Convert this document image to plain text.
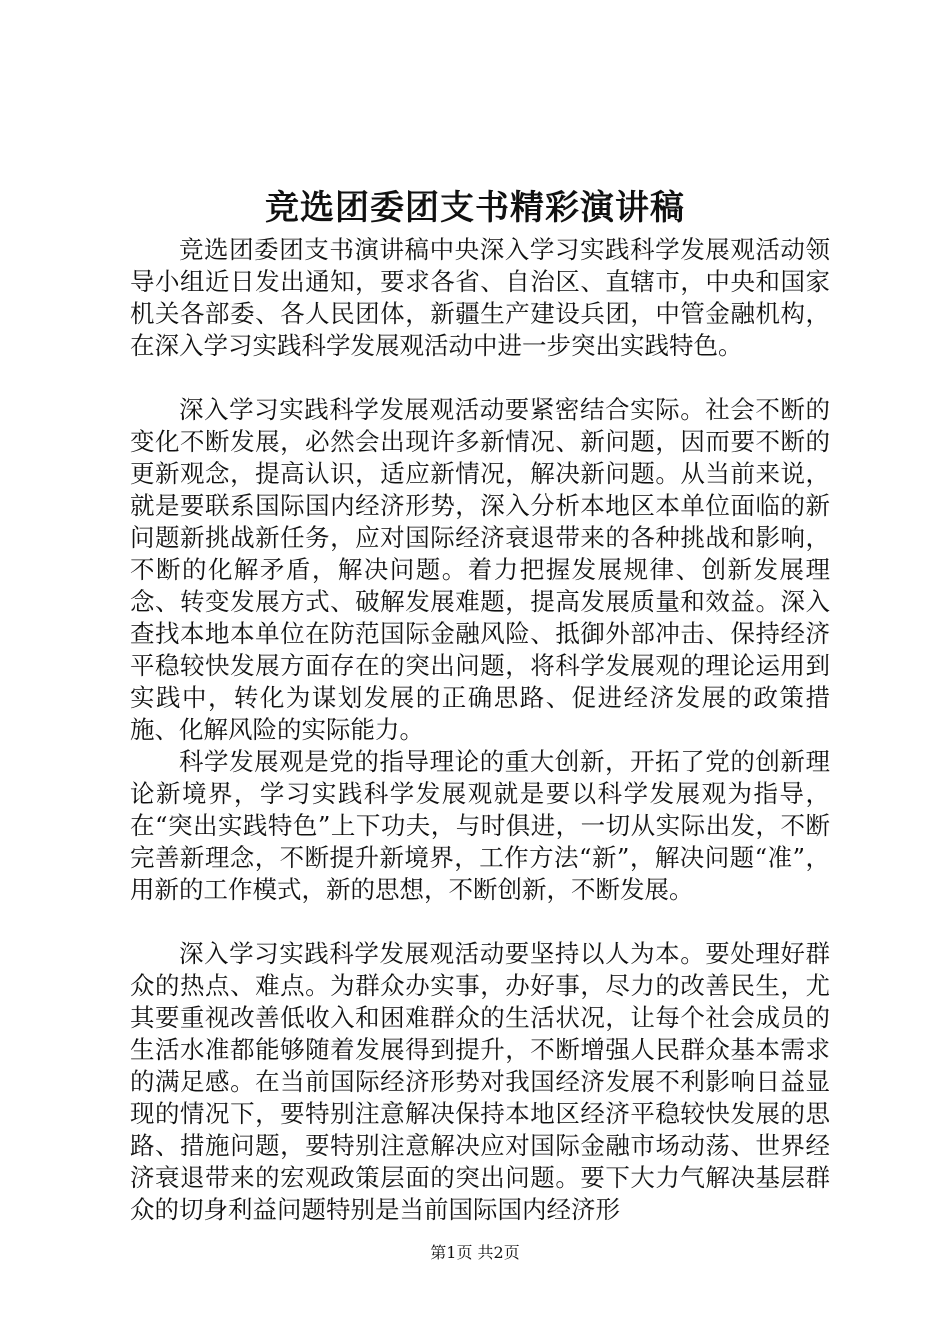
竞选团委团支书精彩演讲稿

竞选团委团支书演讲稿中央深入学习实践科学发展观活动领导小组近日发出通知，要求各省、自治区、直辖市，中央和国家机关各部委、各人民团体，新疆生产建设兵团，中管金融机构，在深入学习实践科学发展观活动中进一步突出实践特色。

深入学习实践科学发展观活动要紧密结合实际。社会不断的变化不断发展，必然会出现许多新情况、新问题，因而要不断的更新观念，提高认识，适应新情况，解决新问题。从当前来说，就是要联系国际国内经济形势，深入分析本地区本单位面临的新问题新挑战新任务，应对国际经济衰退带来的各种挑战和影响，不断的化解矛盾，解决问题。着力把握发展规律、创新发展理念、转变发展方式、破解发展难题，提高发展质量和效益。深入查找本地本单位在防范国际金融风险、抵御外部冲击、保持经济平稳较快发展方面存在的突出问题，将科学发展观的理论运用到实践中，转化为谋划发展的正确思路、促进经济发展的政策措施、化解风险的实际能力。

科学发展观是党的指导理论的重大创新，开拓了党的创新理论新境界，学习实践科学发展观就是要以科学发展观为指导，在“突出实践特色”上下功夫，与时俱进，一切从实际出发，不断完善新理念，不断提升新境界，工作方法“新”，解决问题“准”，用新的工作模式，新的思想，不断创新，不断发展。

深入学习实践科学发展观活动要坚持以人为本。要处理好群众的热点、难点。为群众办实事，办好事，尽力的改善民生，尤其要重视改善低收入和困难群众的生活状况，让每个社会成员的生活水准都能够随着发展得到提升，不断增强人民群众基本需求的满足感。在当前国际经济形势对我国经济发展不利影响日益显现的情况下，要特别注意解决保持本地区经济平稳较快发展的思路、措施问题，要特别注意解决应对国际金融市场动荡、世界经济衰退带来的宏观政策层面的突出问题。要下大力气解决基层群众的切身利益问题特别是当前国际国内经济形

第1页 共2页
